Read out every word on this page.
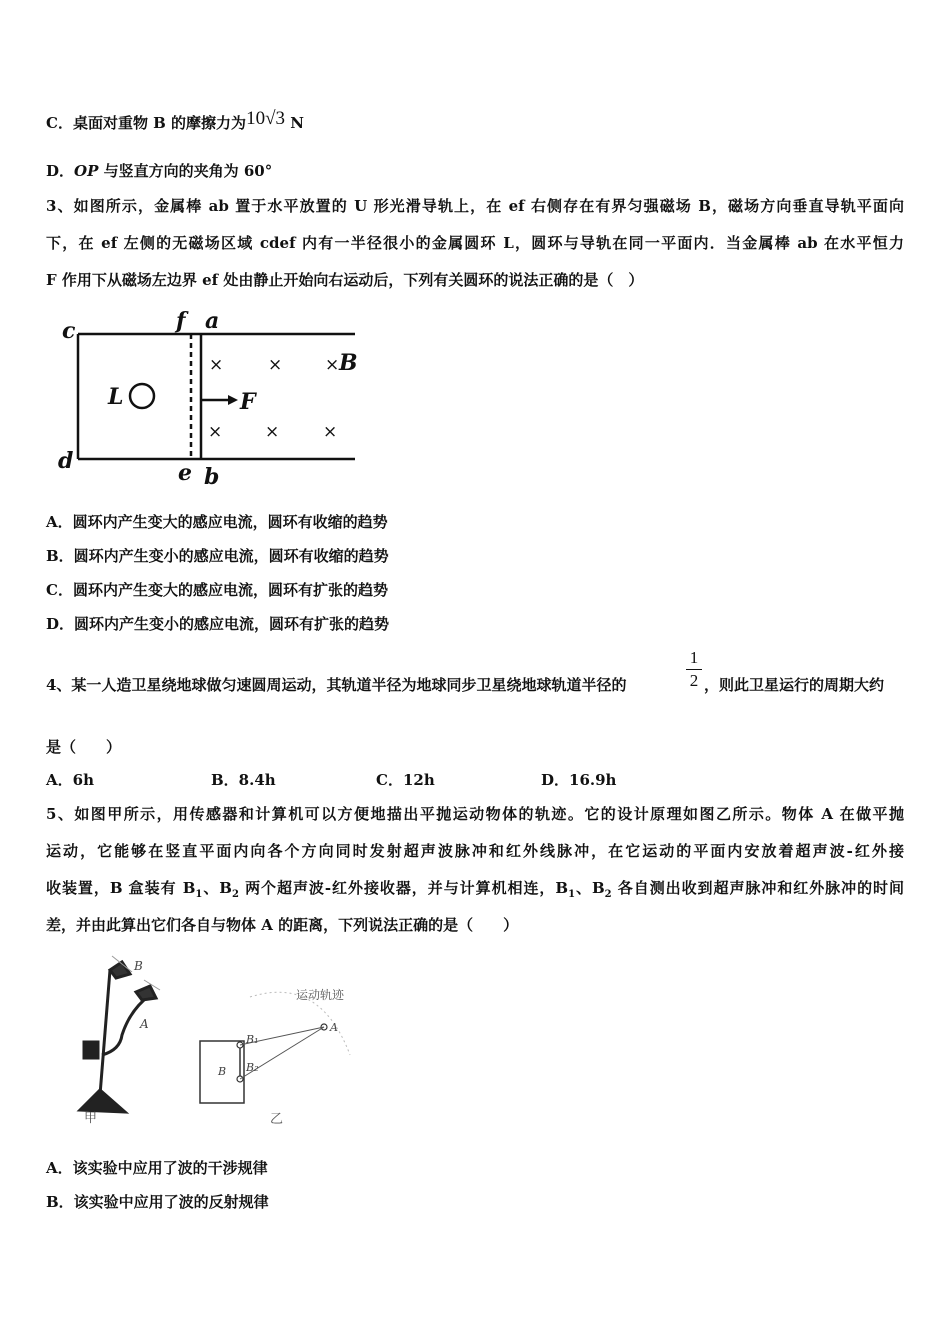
C．桌面对重物 B 的摩擦力为10√3 N
D．OP 与竖直方向的夹角为 60°
3、如图所示，金属棒 ab 置于水平放置的 U 形光滑导轨上，在 ef 右侧存在有界匀强磁场 B，磁场方向垂直导轨平面向
下，在 ef 左侧的无磁场区域 cdef 内有一半径很小的金属圆环 L，圆环与导轨在同一平面内．当金属棒 ab 在水平恒力
F 作用下从磁场左边界 ef 处由静止开始向右运动后，下列有关圆环的说法正确的是（　）
c
d
f a
e b
L	F
B
×	×	×
×	×	×
A．圆环内产生变大的感应电流，圆环有收缩的趋势
B．圆环内产生变小的感应电流，圆环有收缩的趋势
C．圆环内产生变大的感应电流，圆环有扩张的趋势
D．圆环内产生变小的感应电流，圆环有扩张的趋势
4、某一人造卫星绕地球做匀速圆周运动，其轨道半径为地球同步卫星绕地球轨道半径的
1
2 ，则此卫星运行的周期大约
是（　　）
A．6h	B．8.4h	C．12h	D．16.9h
5、如图甲所示，用传感器和计算机可以方便地描出平抛运动物体的轨迹。它的设计原理如图乙所示。物体 A 在做平抛
运动，它能够在竖直平面内向各个方向同时发射超声波脉冲和红外线脉冲，在它运动的平面内安放着超声波-红外接
收装置，B 盒装有 $B_1$、$B_2$ 两个超声波-红外接收器，并与计算机相连，$B_1$、$B_2$ 各自测出收到超声脉冲和红外脉冲的时间
差，并由此算出它们各自与物体 A 的距离，下列说法正确的是（　　）
B
A
甲
B
B₁
B₂
A
运动轨迹
乙
A．该实验中应用了波的干涉规律
B．该实验中应用了波的反射规律
